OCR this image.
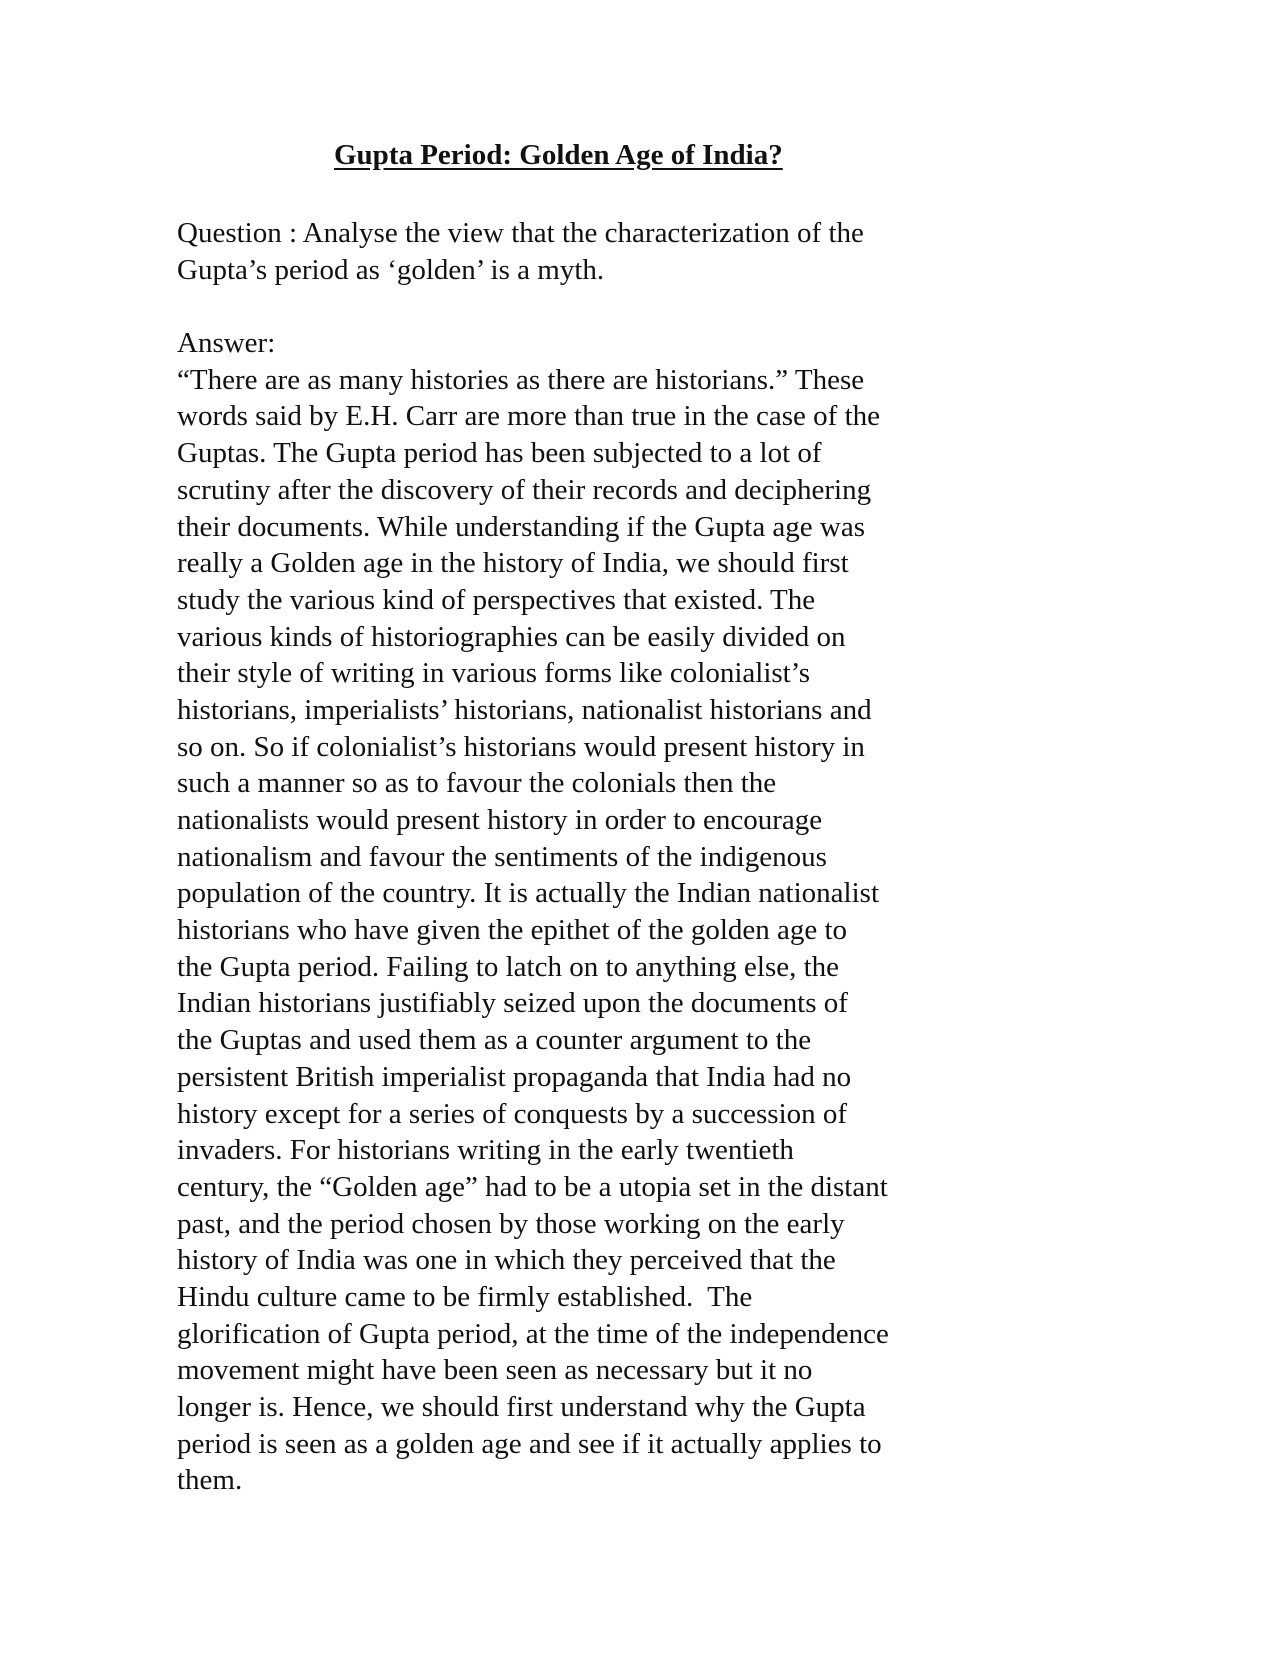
Gupta Period: Golden Age of India?
Question : Analyse the view that the characterization of the
Gupta’s period as ‘golden’ is a myth.
Answer:
“There are as many histories as there are historians.” These
words said by E.H. Carr are more than true in the case of the
Guptas. The Gupta period has been subjected to a lot of
scrutiny after the discovery of their records and deciphering
their documents. While understanding if the Gupta age was
really a Golden age in the history of India, we should first
study the various kind of perspectives that existed. The
various kinds of historiographies can be easily divided on
their style of writing in various forms like colonialist’s
historians, imperialists’ historians, nationalist historians and
so on. So if colonialist’s historians would present history in
such a manner so as to favour the colonials then the
nationalists would present history in order to encourage
nationalism and favour the sentiments of the indigenous
population of the country. It is actually the Indian nationalist
historians who have given the epithet of the golden age to
the Gupta period. Failing to latch on to anything else, the
Indian historians justifiably seized upon the documents of
the Guptas and used them as a counter argument to the
persistent British imperialist propaganda that India had no
history except for a series of conquests by a succession of
invaders. For historians writing in the early twentieth
century, the “Golden age” had to be a utopia set in the distant
past, and the period chosen by those working on the early
history of India was one in which they perceived that the
Hindu culture came to be firmly established.  The
glorification of Gupta period, at the time of the independence
movement might have been seen as necessary but it no
longer is. Hence, we should first understand why the Gupta
period is seen as a golden age and see if it actually applies to
them.
